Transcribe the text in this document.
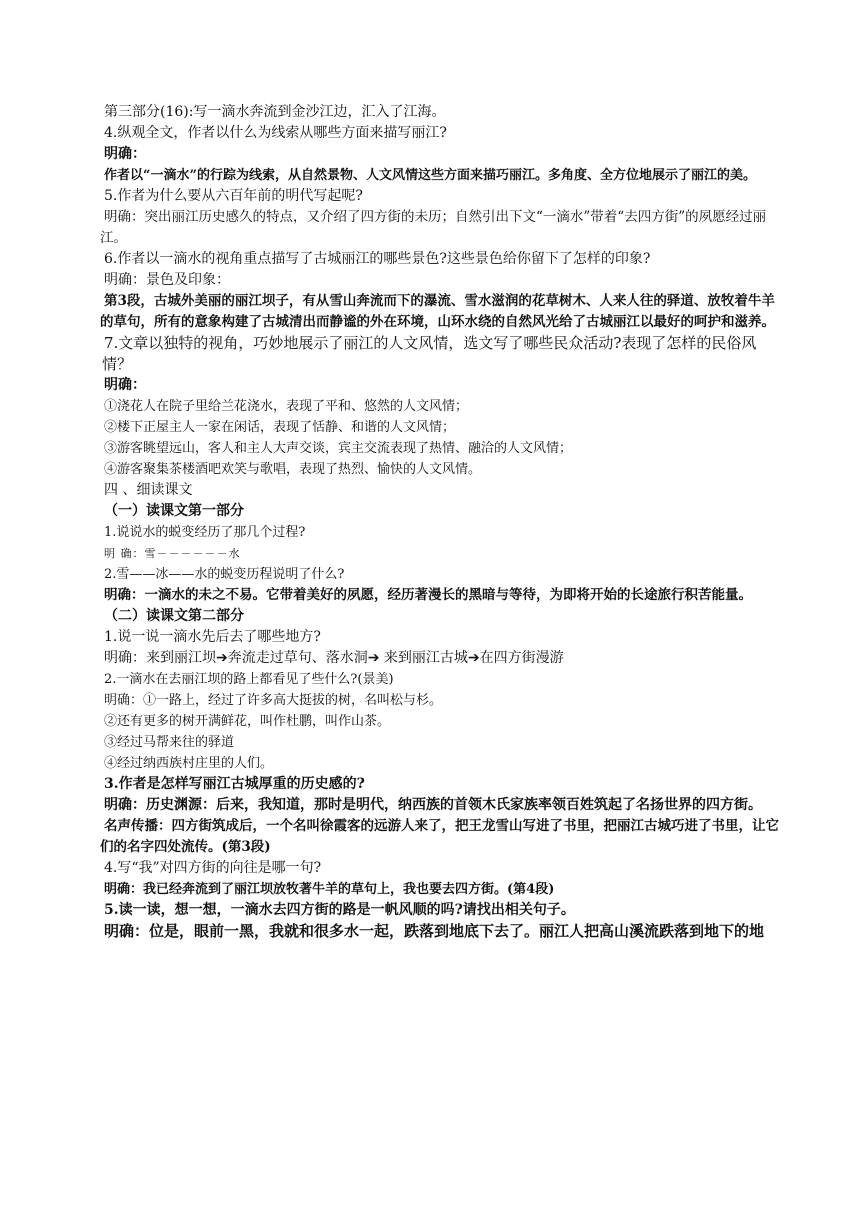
第三部分(16):写一滴水奔流到金沙江边，汇入了江海。
4.纵观全文，作者以什么为线索从哪些方面来描写丽江?
明确：
作者以“一滴水”的行踪为线索，从自然景物、人文风情这些方面来描巧丽江。多角度、全方位地展示了丽江的美。
5.作者为什么要从六百年前的明代写起呢?
明确：突出丽江历史感久的特点，又介绍了四方街的未历；自然引出下文“一滴水”带着“去四方街”的夙愿经过丽江。
6.作者以一滴水的视角重点描写了古城丽江的哪些景色?这些景色给你留下了怎样的印象?
明确：景色及印象：
第3段，古城外美丽的丽江坝子，有从雪山奔流而下的瀑流、雪水滋润的花草树木、人来人往的驿道、放牧着牛羊的草句，所有的意象构建了古城清出而静谧的外在环境，山环水绕的自然风光给了古城丽江以最好的呵护和滋养。
7.文章以独特的视角，巧妙地展示了丽江的人文风情，选文写了哪些民众活动?表现了怎样的民俗风情？
明确：
①浇花人在院子里给兰花浇水，表现了平和、悠然的人文风情；
②楼下正屋主人一家在闲话，表现了恬静、和谐的人文风情；
③游客眺望远山，客人和主人大声交谈，宾主交流表现了热情、融洽的人文风情；
④游客聚集茶楼酒吧欢笑与歌唱，表现了热烈、愉快的人文风情。
四 、细读课文
（一）读课文第一部分
1.说说水的蜕变经历了那几个过程?
明 确：雪－－－－－－水
2.雪——冰——水的蜕变历程说明了什么?
明确：一滴水的未之不易。它带着美好的夙愿，经历著漫长的黑暗与等待，为即将开始的长途旅行积苦能量。
（二）读课文第二部分
1.说一说一滴水先后去了哪些地方?
明确：来到丽江坝➔奔流走过草句、落水洞➔ 来到丽江古城➔在四方街漫游
2.一滴水在去丽江坝的路上都看见了些什么?(景美)
明确：①一路上，经过了许多高大挺拔的树，名叫松与杉。
②还有更多的树开满鲜花，叫作杜鹏，叫作山茶。
③经过马帮来往的驿道
④经过纳西族村庄里的人们。
3.作者是怎样写丽江古城厚重的历史感的?
明确：历史渊源：后来，我知道，那时是明代，纳西族的首领木氏家族率领百姓筑起了名扬世界的四方街。
名声传播：四方街筑成后，一个名叫徐霞客的远游人来了，把王龙雪山写进了书里，把丽江古城巧进了书里，让它们的名字四处流传。(第3段)
4.写“我”对四方街的向往是哪一句?
明确：我已经奔流到了丽江坝放牧著牛羊的草句上，我也要去四方街。(第4段)
5.读一读，想一想，一滴水去四方街的路是一帆风顺的吗?请找出相关句子。
明确：位是，眼前一黑，我就和很多水一起，跌落到地底下去了。丽江人把高山溪流跌落到地下的地
